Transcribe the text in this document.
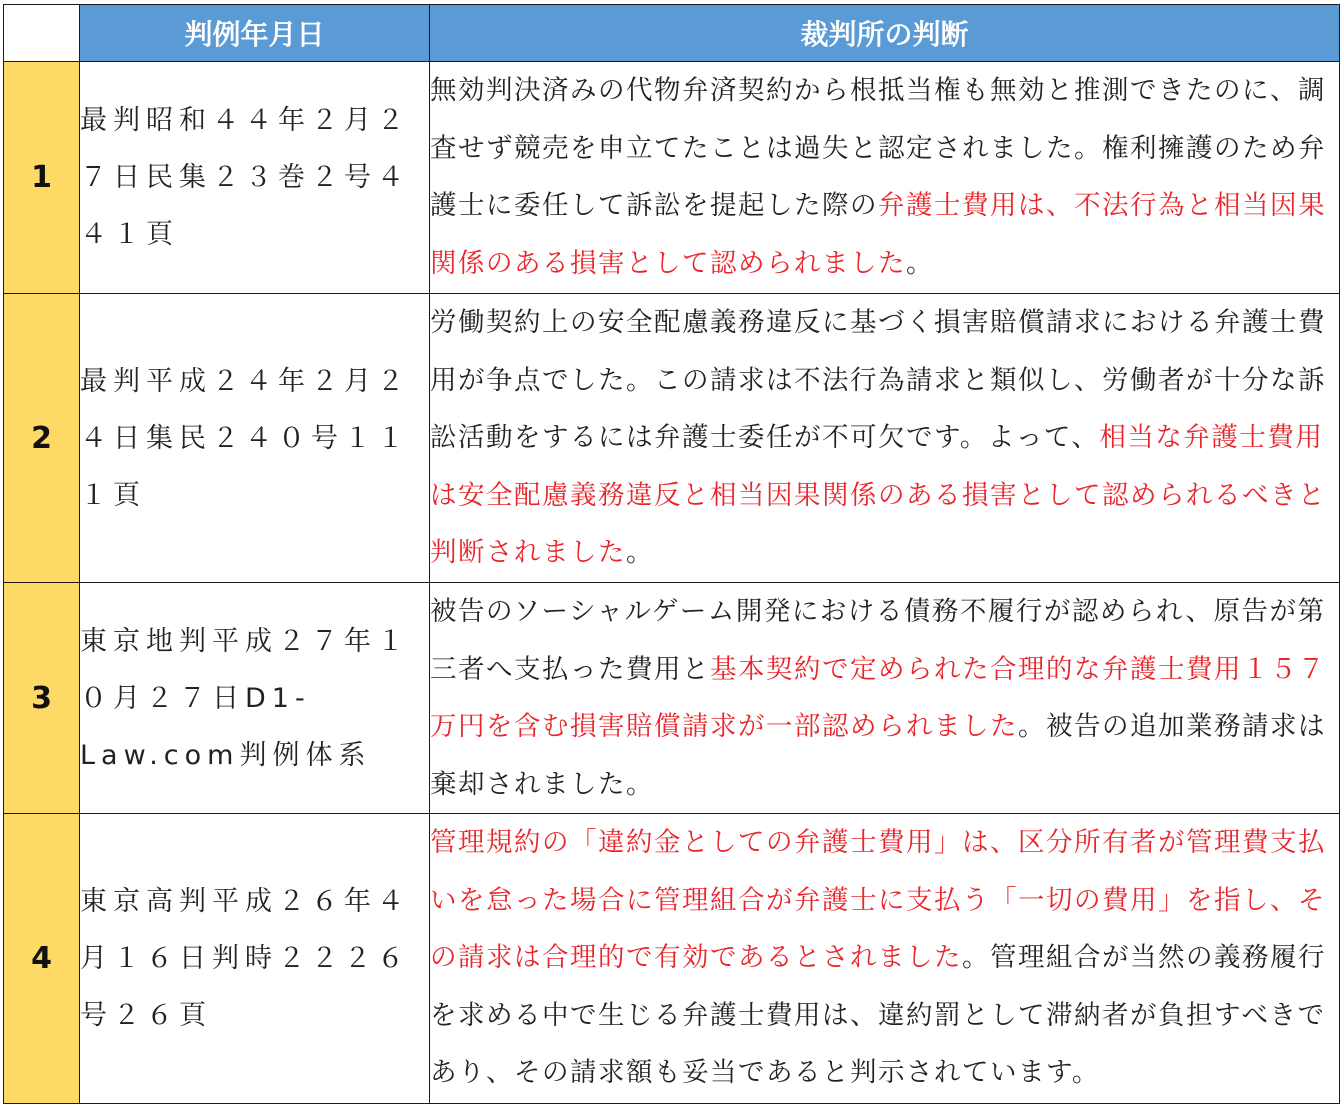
	判例年月日	裁判所の判断
1	最判昭和４４年２月２７日民集２３巻２号４４１頁	無効判決済みの代物弁済契約から根抵当権も無効と推測できたのに、調査せず競売を申立てたことは過失と認定されました。権利擁護のため弁護士に委任して訴訟を提起した際の弁護士費用は、不法行為と相当因果関係のある損害として認められました。
2	最判平成２４年２月２４日集民２４０号１１１頁	労働契約上の安全配慮義務違反に基づく損害賠償請求における弁護士費用が争点でした。この請求は不法行為請求と類似し、労働者が十分な訴訟活動をするには弁護士委任が不可欠です。よって、相当な弁護士費用は安全配慮義務違反と相当因果関係のある損害として認められるべきと判断されました。
3	東京地判平成２７年１０月２７日D1-Law.com判例体系	被告のソーシャルゲーム開発における債務不履行が認められ、原告が第三者へ支払った費用と基本契約で定められた合理的な弁護士費用１５７万円を含む損害賠償請求が一部認められました。被告の追加業務請求は棄却されました。
4	東京高判平成２６年４月１６日判時２２２６号２６頁	管理規約の「違約金としての弁護士費用」は、区分所有者が管理費支払いを怠った場合に管理組合が弁護士に支払う「一切の費用」を指し、その請求は合理的で有効であるとされました。管理組合が当然の義務履行を求める中で生じる弁護士費用は、違約罰として滞納者が負担すべきであり、その請求額も妥当であると判示されています。
